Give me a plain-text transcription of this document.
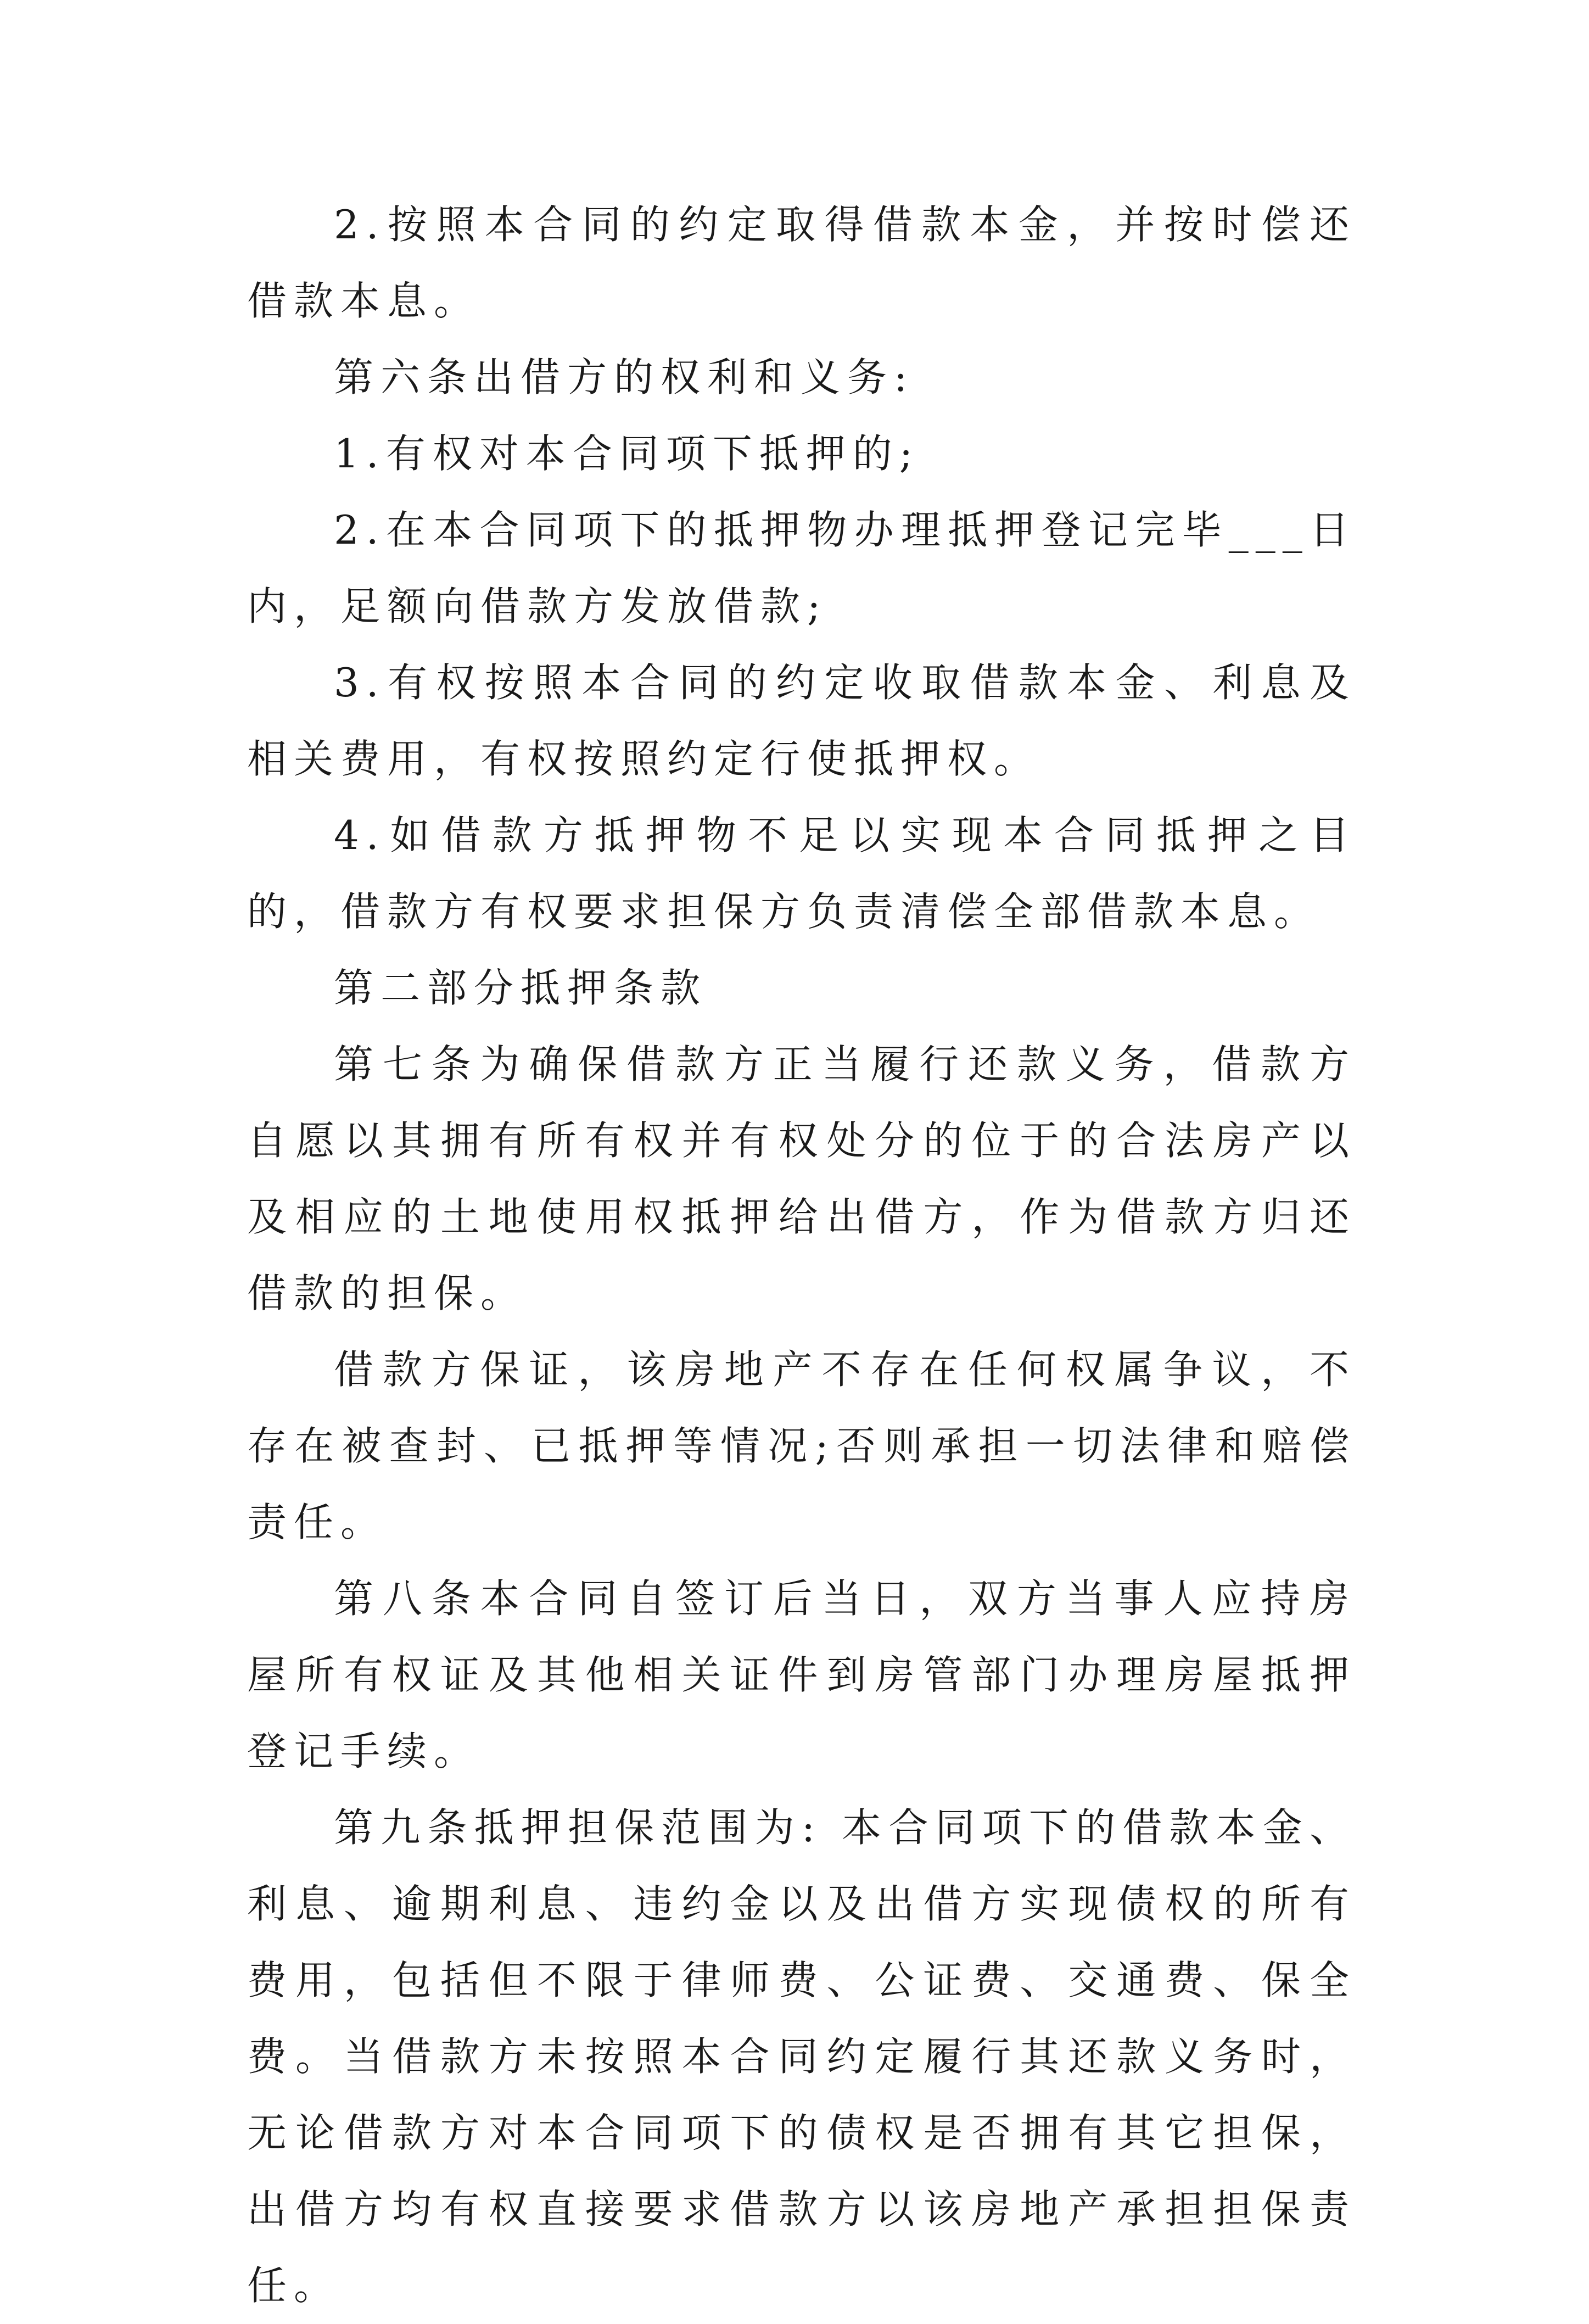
2.按照本合同的约定取得借款本金，并按时偿还借款本息。

第六条出借方的权利和义务:

1.有权对本合同项下抵押的;

2.在本合同项下的抵押物办理抵押登记完毕___日内，足额向借款方发放借款;

3.有权按照本合同的约定收取借款本金、利息及相关费用，有权按照约定行使抵押权。

4.如借款方抵押物不足以实现本合同抵押之目的，借款方有权要求担保方负责清偿全部借款本息。

第二部分抵押条款

第七条为确保借款方正当履行还款义务，借款方自愿以其拥有所有权并有权处分的位于的合法房产以及相应的土地使用权抵押给出借方，作为借款方归还借款的担保。

借款方保证，该房地产不存在任何权属争议，不存在被查封、已抵押等情况;否则承担一切法律和赔偿责任。

第八条本合同自签订后当日，双方当事人应持房屋所有权证及其他相关证件到房管部门办理房屋抵押登记手续。

第九条抵押担保范围为: 本合同项下的借款本金、利息、逾期利息、违约金以及出借方实现债权的所有费用，包括但不限于律师费、公证费、交通费、保全费。当借款方未按照本合同约定履行其还款义务时，无论借款方对本合同项下的债权是否拥有其它担保，出借方均有权直接要求借款方以该房地产承担担保责任。
